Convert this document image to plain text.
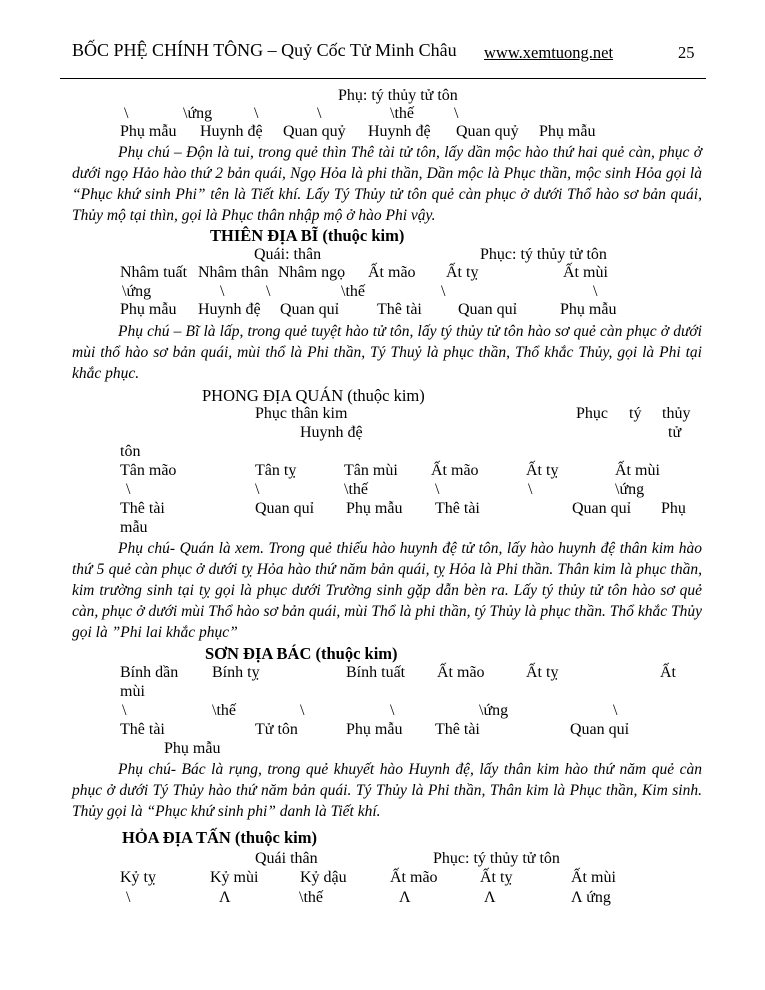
BỐC PHỆ CHÍNH TÔNG – Quỷ Cốc Tử Minh Châu www.xemtuong.net	25
Phụ: tý thủy tử tôn
\	\ứng	\	\	\thế	\
Phụ mẫu Huynh đệ Quan quỷ Huynh đệ Quan quỷ Phụ mẫu
Phụ chú – Độn là tui, trong quẻ thìn Thê tài tử tôn, lấy dần mộc hào thứ hai quẻ càn, phục ở dưới ngọ Hảo hào thứ 2 bản quái, Ngọ Hỏa là phi thần, Dần mộc là Phục thần, mộc sinh Hỏa gọi là “Phục khứ sinh Phi” tên là Tiết khí. Lấy Tý Thủy tử tôn quẻ càn phục ở dưới Thổ hào sơ bản quái, Thủy mộ tại thìn, gọi là Phục thân nhập mộ ở hào Phi vậy.
THIÊN ĐỊA BĨ (thuộc kim)
Quái: thân	Phục: tý thủy tử tôn
Nhâm tuất Nhâm thân Nhâm ngọ Ất mão Ất tỵ	Ất mùi
\ứng	\	\	\thế	\	\
Phụ mẫu Huynh đệ Quan quỉ Thê tài Quan quỉ	Phụ mẫu
Phụ chú – Bĩ là lấp, trong quẻ tuyệt hào tử tôn, lấy tý thủy tử tôn hào sơ quẻ càn phục ở dưới mùi thổ hào sơ bản quái, mùi thổ là Phi thần, Tý Thuỷ là phục thần, Thổ khắc Thủy, gọi là Phi tại khắc phục.
PHONG ĐỊA QUÁN (thuộc kim)
Phục thân kim	Phục tý thủy
Huynh đệ	tử
tôn
Tân mão	Tân tỵ	Tân mùi Ất mão	Ất tỵ	Ất mùi
\	\	\thế	\	\	\ứng
Thê tài	Quan quỉ Phụ mẫu Thê tài	Quan quỉ Phụ
mẫu
Phụ chú- Quán là xem. Trong quẻ thiếu hào huynh đệ tử tôn, lấy hào huynh đệ thân kim hào thứ 5 quẻ càn phục ở dưới tỵ Hỏa hào thứ năm bản quái, tỵ Hỏa là Phi thần. Thân kim là phục thần, kim trường sinh tại tỵ gọi là phục dưới Trường sinh gặp dẫn bèn ra. Lấy tý thủy tử tôn hào sơ quẻ càn, phục ở dưới mùi Thổ hào sơ bản quái, mùi Thổ là phi thần, tý Thủy là phục thần. Thổ khắc Thủy gọi là ”Phi lai khắc phục”
SƠN ĐỊA BÁC (thuộc kim)
Bính dần Bính tỵ	Bính tuất Ất mão	Ất tỵ	Ất
mùi
\	\thế	\	\	\ứng	\
Thê tài	Tử tôn	Phụ mẫu Thê tài	Quan quỉ
Phụ mẫu
Phụ chú- Bác là rụng, trong quẻ khuyết hào Huynh đệ, lấy thân kim hào thứ năm quẻ càn phục ở dưới Tý Thủy hào thứ năm bản quái. Tý Thủy là Phi thần, Thân kim là Phục thần, Kim sinh. Thủy gọi là “Phục khứ sinh phi” danh là Tiết khí.
HỎA ĐỊA TẤN (thuộc kim)
Quái thân	Phục: tý thủy tử tôn
Kỷ tỵ	Kỷ mùi	Kỷ dậu	Ất mão	Ất tỵ	Ất mùi
\	Λ	\thế	Λ	Λ	Λ ứng
